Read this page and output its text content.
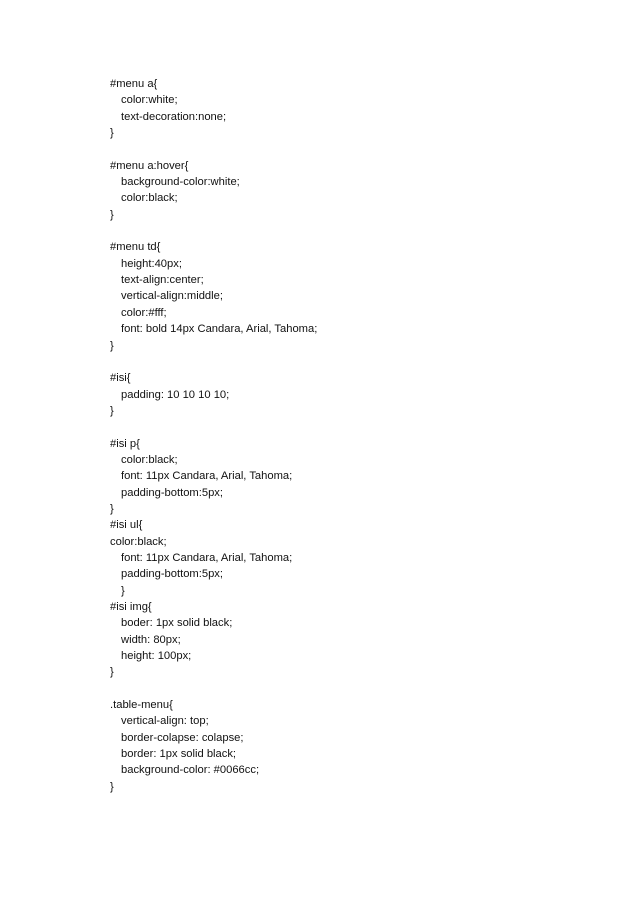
#menu a{
color:white;
text-decoration:none;
}
#menu a:hover{
background-color:white;
color:black;
}
#menu td{
height:40px;
text-align:center;
vertical-align:middle;
color:#fff;
font: bold 14px Candara, Arial, Tahoma;
}
#isi{
padding: 10 10 10 10;
}
#isi p{
color:black;
font: 11px Candara, Arial, Tahoma;
padding-bottom:5px;
}
#isi ul{
color:black;
font: 11px Candara, Arial, Tahoma;
padding-bottom:5px;
}
#isi img{
boder: 1px solid black;
width: 80px;
height: 100px;
}
.table-menu{
vertical-align: top;
border-colapse: colapse;
border: 1px solid black;
background-color: #0066cc;
}
